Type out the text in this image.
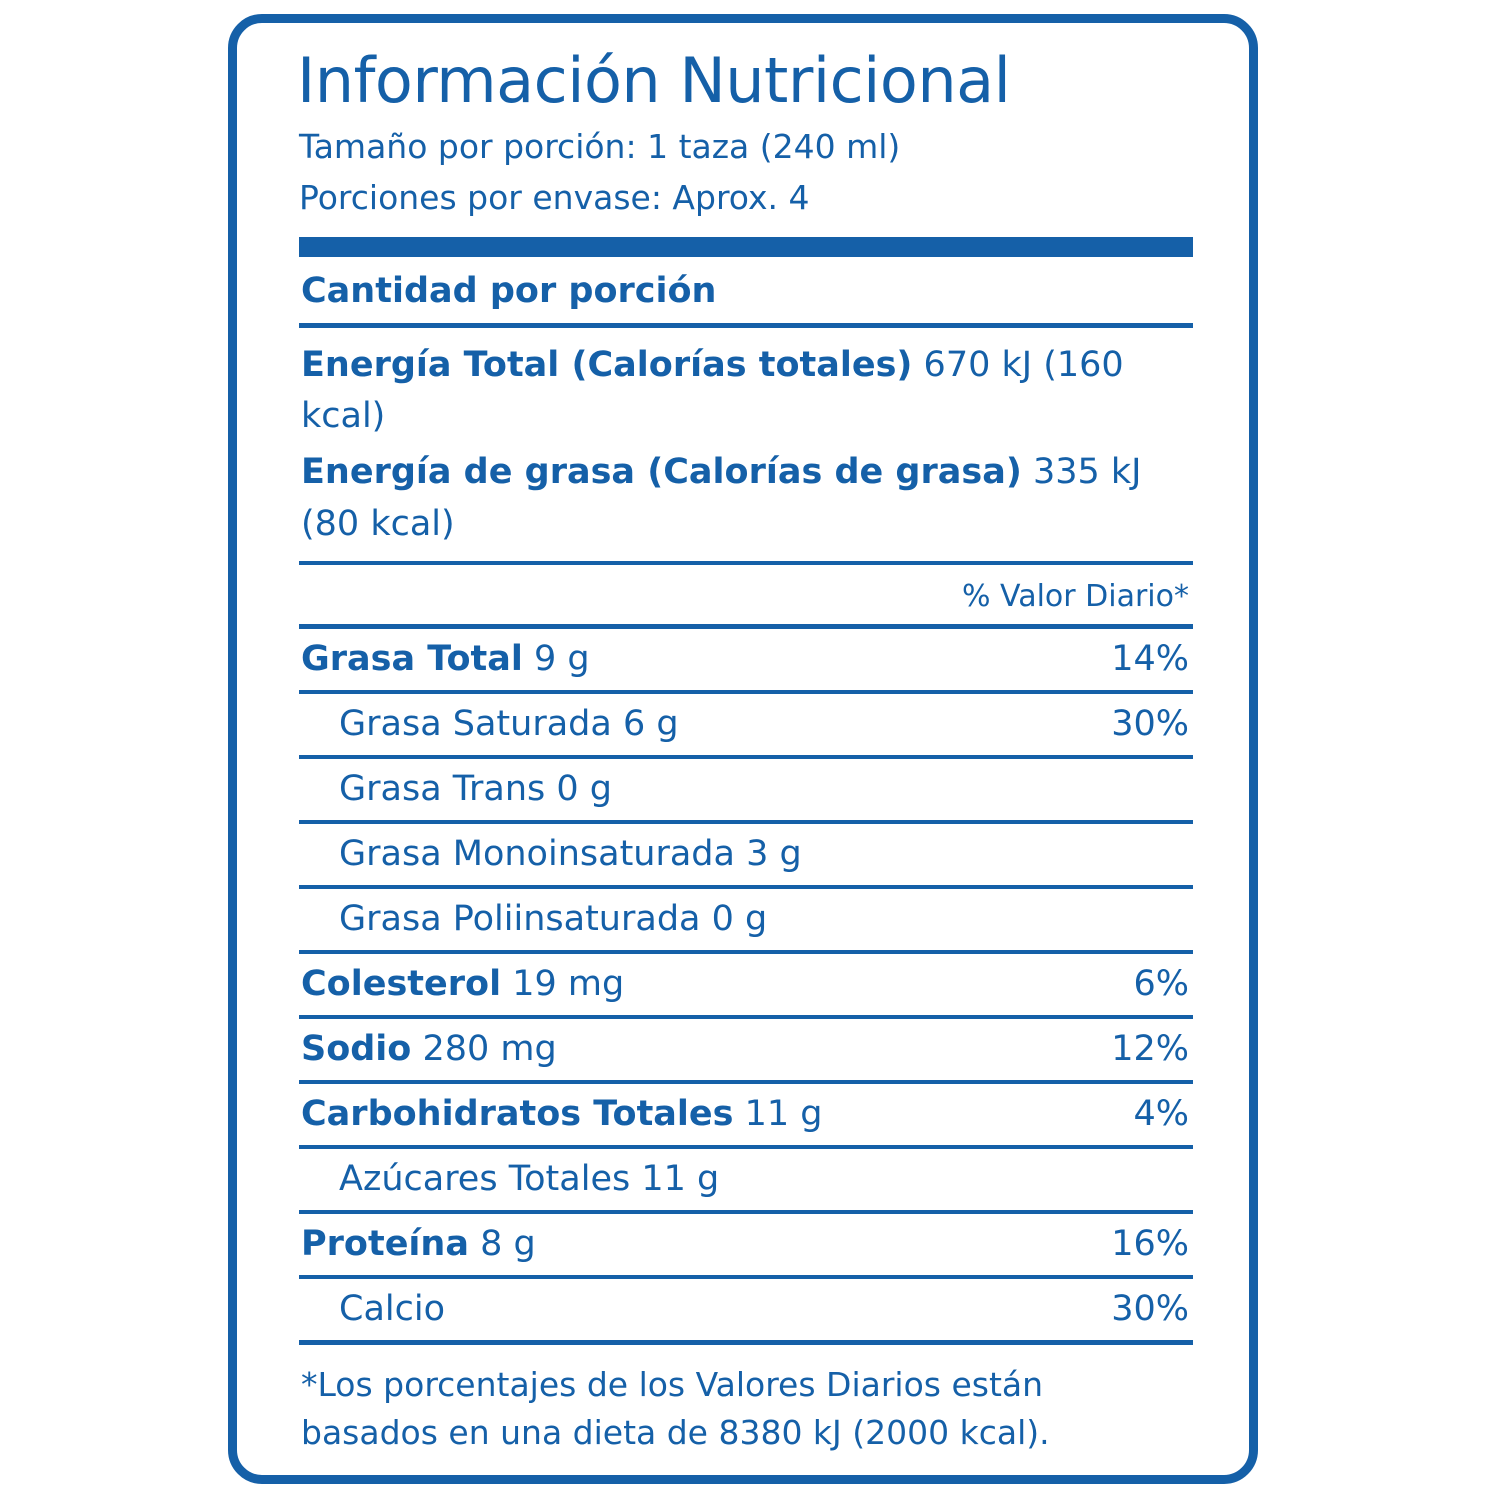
Información Nutricional
Tamaño por porción: 1 taza (240 ml)
Porciones por envase: Aprox. 4
Cantidad por porción
Energía Total (Calorías totales) 670 kJ (160 kcal)
Energía de grasa (Calorías de grasa) 335 kJ (80 kcal)
% Valor Diario*
Grasa Total 9 g	14%
Grasa Saturada 6 g	30%
Grasa Trans 0 g
Grasa Monoinsaturada 3 g
Grasa Poliinsaturada 0 g
Colesterol 19 mg	6%
Sodio 280 mg	12%
Carbohidratos Totales 11 g	4%
Azúcares Totales 11 g
Proteína 8 g	16%
Calcio	30%
*Los porcentajes de los Valores Diarios están
basados en una dieta de 8380 kJ (2000 kcal).
